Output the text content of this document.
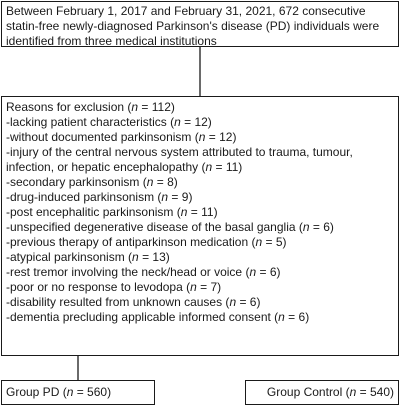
Between February 1, 2017 and February 31, 2021, 672 consecutive
statin-free newly-diagnosed Parkinson's disease (PD) individuals were
identified from three medical institutions
Reasons for exclusion (n = 112)
-lacking patient characteristics (n = 12)
-without documented parkinsonism (n = 12)
-injury of the central nervous system attributed to trauma, tumour,
infection, or hepatic encephalopathy (n = 11)
-secondary parkinsonism (n = 8)
-drug-induced parkinsonism (n = 9)
-post encephalitic parkinsonism (n = 11)
-unspecified degenerative disease of the basal ganglia (n = 6)
-previous therapy of antiparkinson medication (n = 5)
-atypical parkinsonism (n = 13)
-rest tremor involving the neck/head or voice (n = 6)
-poor or no response to levodopa (n = 7)
-disability resulted from unknown causes (n = 6)
-dementia precluding applicable informed consent (n = 6)
Group PD (n = 560)	Group Control (n = 540)
